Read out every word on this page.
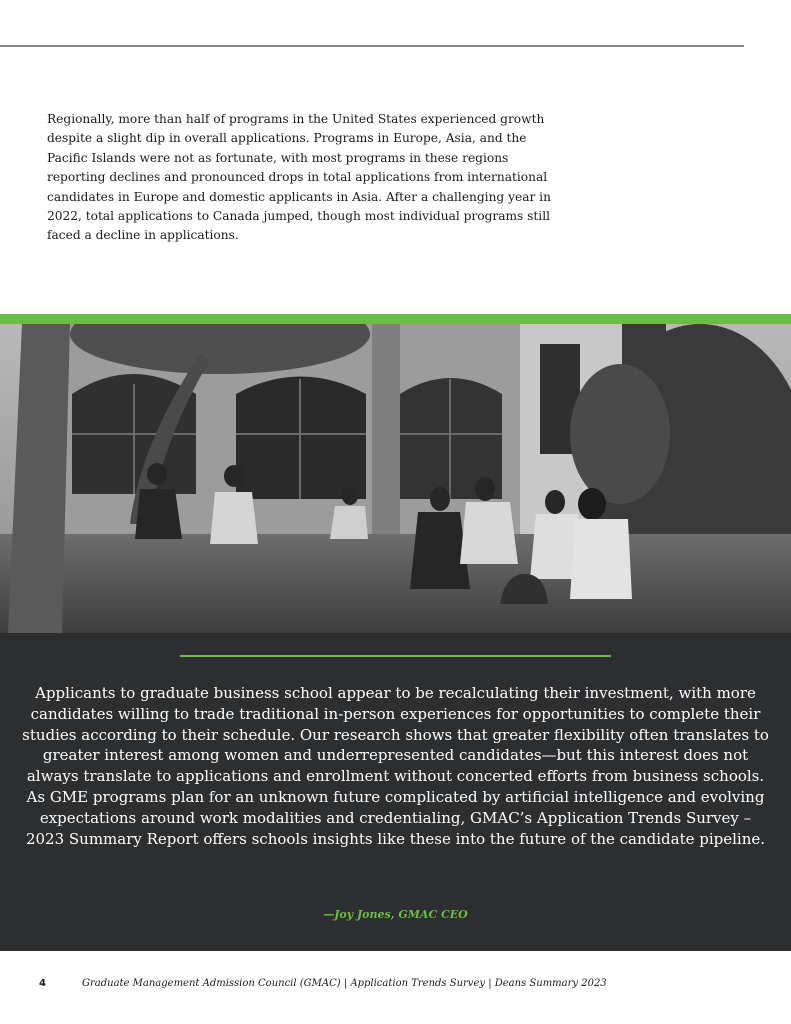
Regionally, more than half of programs in the United States experienced growth despite a slight dip in overall applications. Programs in Europe, Asia, and the Pacific Islands were not as fortunate, with most programs in these regions reporting declines and pronounced drops in total applications from international candidates in Europe and domestic applicants in Asia. After a challenging year in 2022, total applications to Canada jumped, though most individual programs still faced a decline in applications.

Applicants to graduate business school appear to be recalculating their investment, with more candidates willing to trade traditional in-person experiences for opportunities to complete their studies according to their schedule. Our research shows that greater flexibility often translates to greater interest among women and underrepresented candidates—but this interest does not always translate to applications and enrollment without concerted efforts from business schools. As GME programs plan for an unknown future complicated by artificial intelligence and evolving expectations around work modalities and credentialing, GMAC’s Application Trends Survey – 2023 Summary Report offers schools insights like these into the future of the candidate pipeline.

—Joy Jones, GMAC CEO
4	Graduate Management Admission Council (GMAC) | Application Trends Survey | Deans Summary 2023
